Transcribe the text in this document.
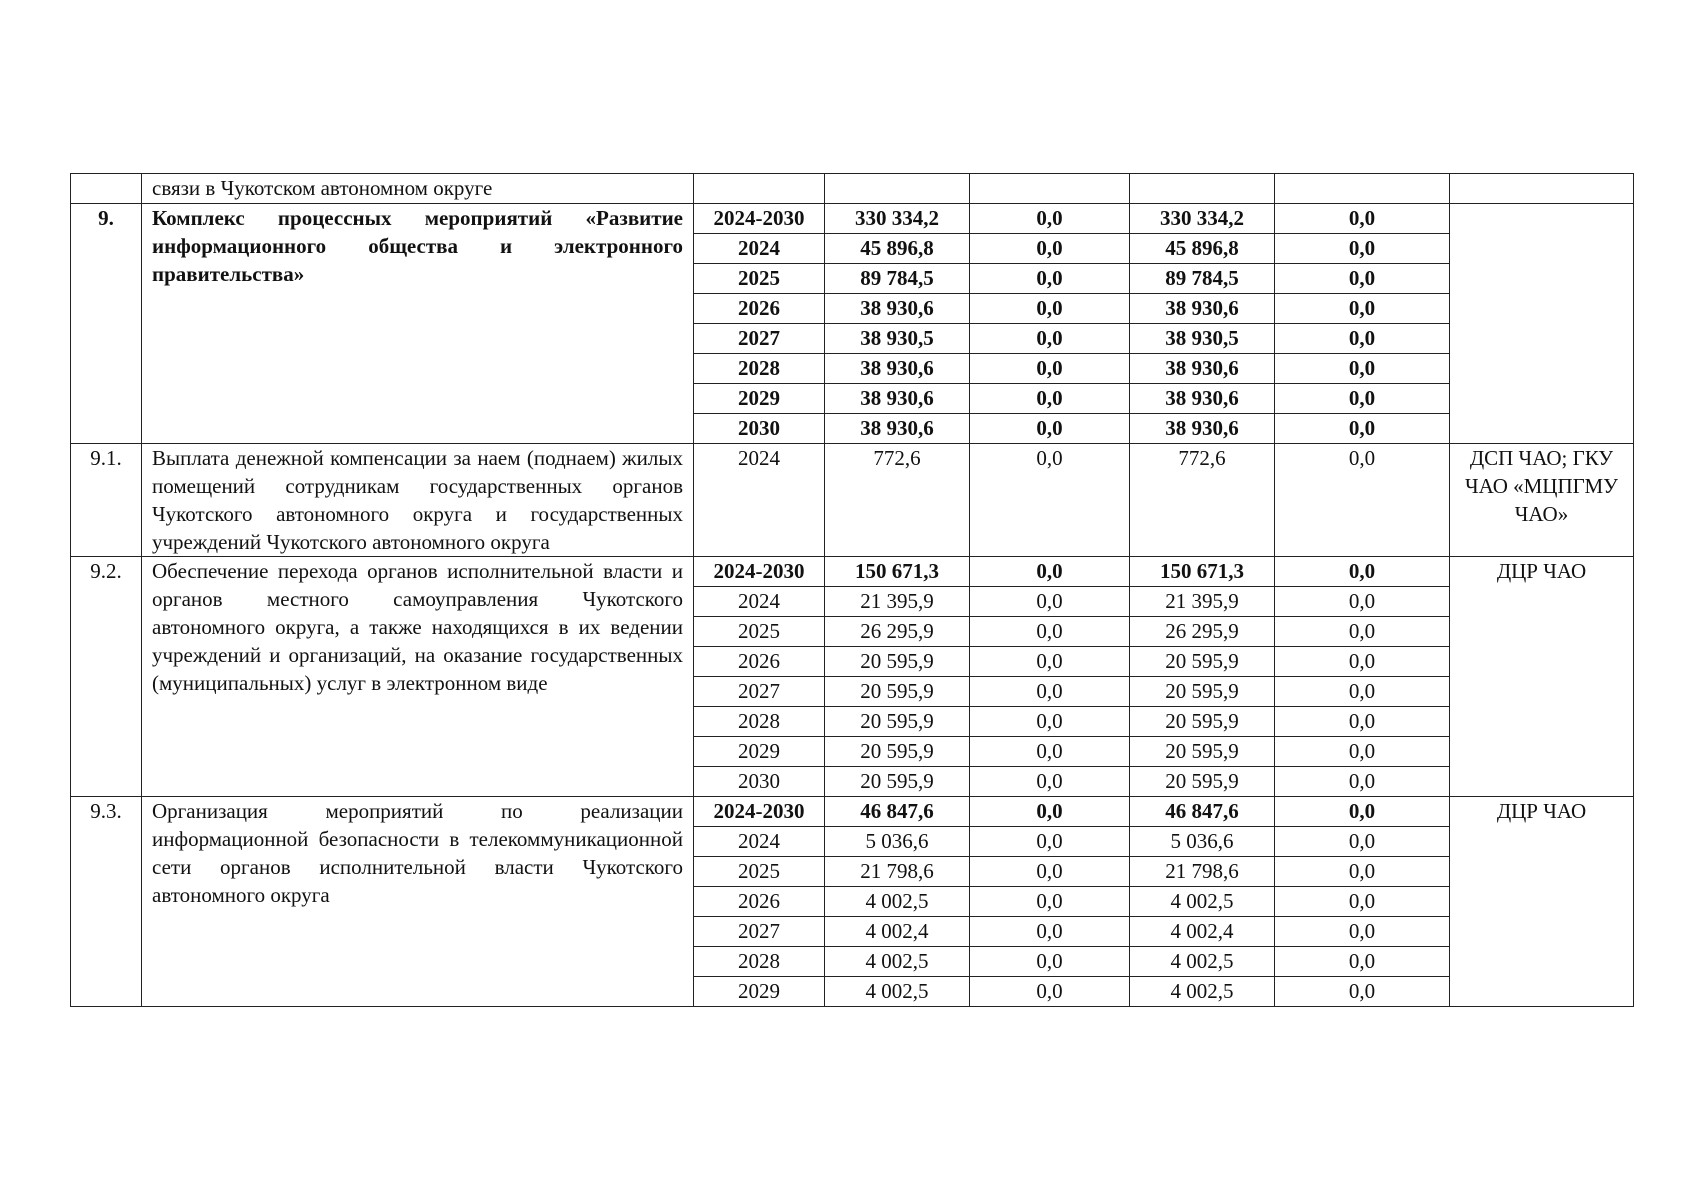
	связи в Чукотском автономном округе						
9.	Комплекс процессных мероприятий «Развитие информационного общества и электронного правительства»	2024-2030	330 334,2	0,0	330 334,2	0,0	
		2024	45 896,8	0,0	45 896,8	0,0	
		2025	89 784,5	0,0	89 784,5	0,0	
		2026	38 930,6	0,0	38 930,6	0,0	
		2027	38 930,5	0,0	38 930,5	0,0	
		2028	38 930,6	0,0	38 930,6	0,0	
		2029	38 930,6	0,0	38 930,6	0,0	
		2030	38 930,6	0,0	38 930,6	0,0	
9.1.	Выплата денежной компенсации за наем (поднаем) жилых помещений сотрудникам государственных органов Чукотского автономного округа и государственных учреждений Чукотского автономного округа	2024	772,6	0,0	772,6	0,0	ДСП ЧАО; ГКУ ЧАО «МЦПГМУ ЧАО»
9.2.	Обеспечение перехода органов исполнительной власти и органов местного самоуправления Чукотского автономного округа, а также находящихся в их ведении учреждений и организаций, на оказание государственных (муниципальных) услуг в электронном виде	2024-2030	150 671,3	0,0	150 671,3	0,0	ДЦР ЧАО
		2024	21 395,9	0,0	21 395,9	0,0	
		2025	26 295,9	0,0	26 295,9	0,0	
		2026	20 595,9	0,0	20 595,9	0,0	
		2027	20 595,9	0,0	20 595,9	0,0	
		2028	20 595,9	0,0	20 595,9	0,0	
		2029	20 595,9	0,0	20 595,9	0,0	
		2030	20 595,9	0,0	20 595,9	0,0	
9.3.	Организация мероприятий по реализации информационной безопасности в телекоммуникационной сети органов исполнительной власти Чукотского автономного округа	2024-2030	46 847,6	0,0	46 847,6	0,0	ДЦР ЧАО
		2024	5 036,6	0,0	5 036,6	0,0	
		2025	21 798,6	0,0	21 798,6	0,0	
		2026	4 002,5	0,0	4 002,5	0,0	
		2027	4 002,4	0,0	4 002,4	0,0	
		2028	4 002,5	0,0	4 002,5	0,0	
		2029	4 002,5	0,0	4 002,5	0,0	
